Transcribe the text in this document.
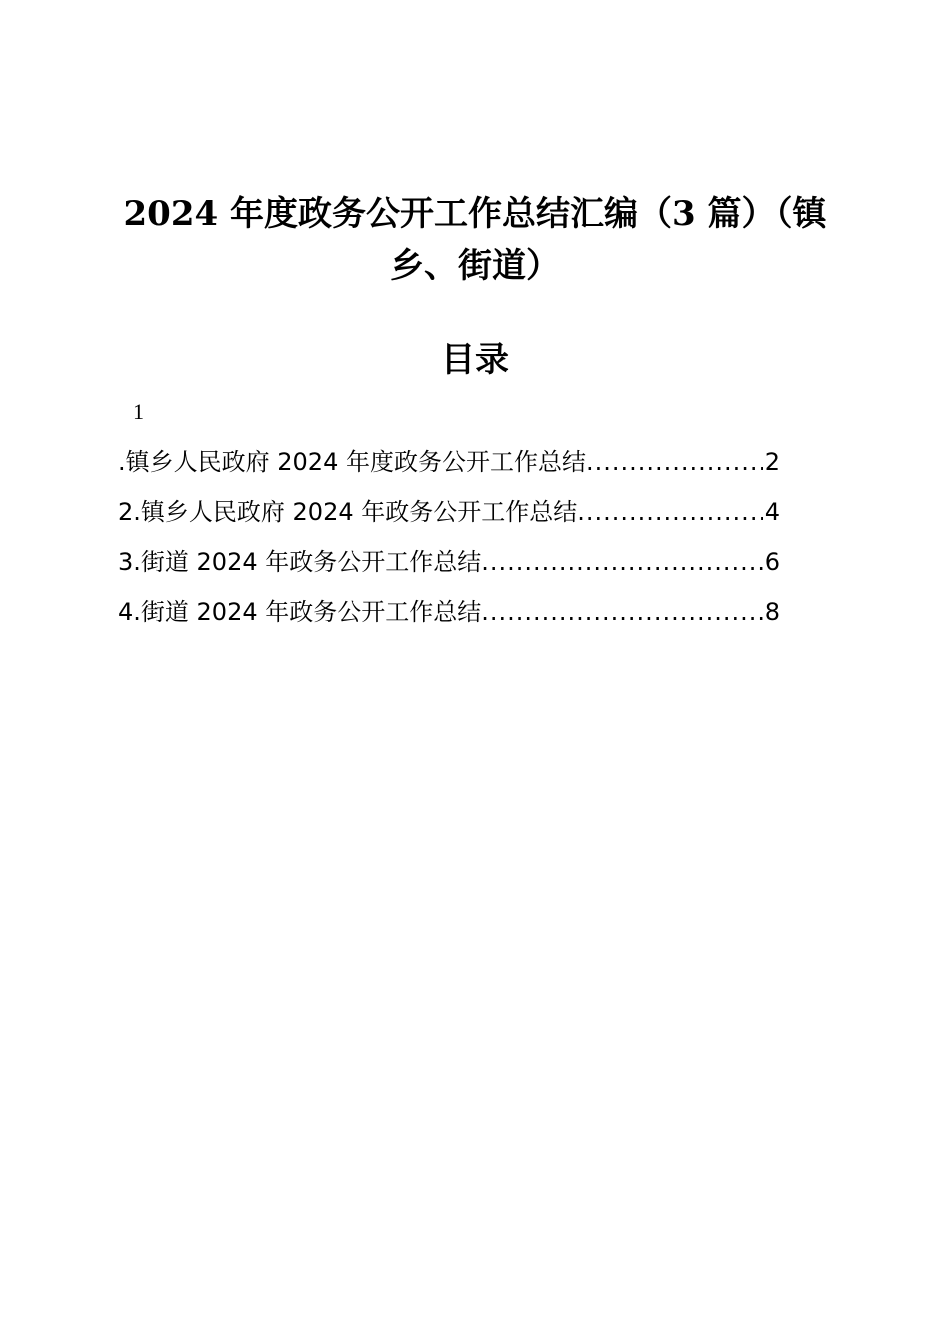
2024 年度政务公开工作总结汇编（3 篇）（镇
乡、街道）
目录
1
.镇乡人民政府 2024 年度政务公开工作总结 .....	2
2.镇乡人民政府 2024 年政务公开工作总结 .....	4
3.街道 2024 年政务公开工作总结 .....	6
4.街道 2024 年政务公开工作总结 .....	8
